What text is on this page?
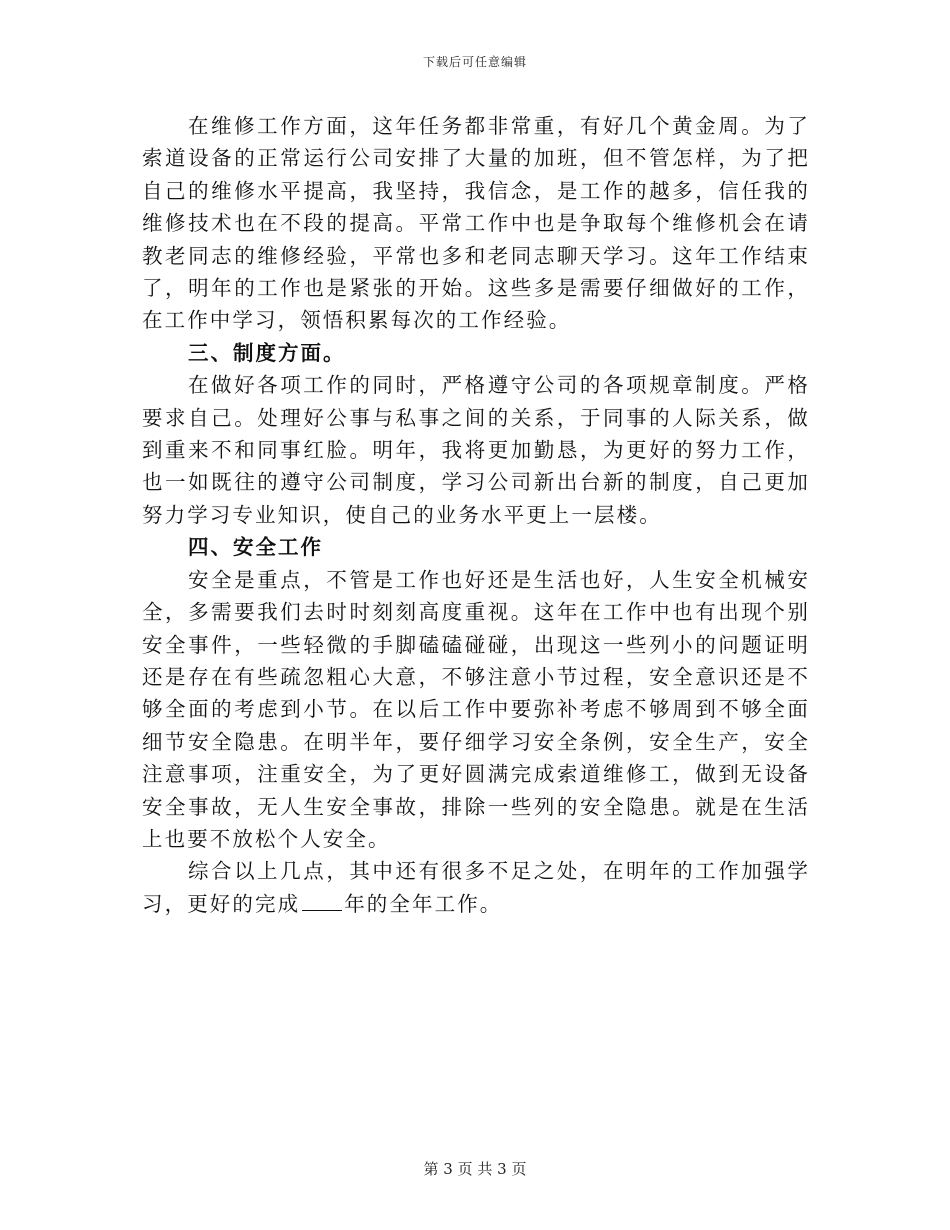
下载后可任意编辑

在维修工作方面，这年任务都非常重，有好几个黄金周。为了索道设备的正常运行公司安排了大量的加班，但不管怎样，为了把自己的维修水平提高，我坚持，我信念，是工作的越多，信任我的维修技术也在不段的提高。平常工作中也是争取每个维修机会在请教老同志的维修经验，平常也多和老同志聊天学习。这年工作结束了，明年的工作也是紧张的开始。这些多是需要仔细做好的工作，在工作中学习，领悟积累每次的工作经验。

三、制度方面。

在做好各项工作的同时，严格遵守公司的各项规章制度。严格要求自己。处理好公事与私事之间的关系，于同事的人际关系，做到重来不和同事红脸。明年，我将更加勤恳，为更好的努力工作，也一如既往的遵守公司制度，学习公司新出台新的制度，自己更加努力学习专业知识，使自己的业务水平更上一层楼。

四、安全工作

安全是重点，不管是工作也好还是生活也好，人生安全机械安全，多需要我们去时时刻刻高度重视。这年在工作中也有出现个别安全事件，一些轻微的手脚磕磕碰碰，出现这一些列小的问题证明还是存在有些疏忽粗心大意，不够注意小节过程，安全意识还是不够全面的考虑到小节。在以后工作中要弥补考虑不够周到不够全面细节安全隐患。在明半年，要仔细学习安全条例，安全生产，安全注意事项，注重安全，为了更好圆满完成索道维修工，做到无设备安全事故，无人生安全事故，排除一些列的安全隐患。就是在生活上也要不放松个人安全。

综合以上几点，其中还有很多不足之处，在明年的工作加强学习，更好的完成 年的全年工作。

第 3 页 共 3 页
